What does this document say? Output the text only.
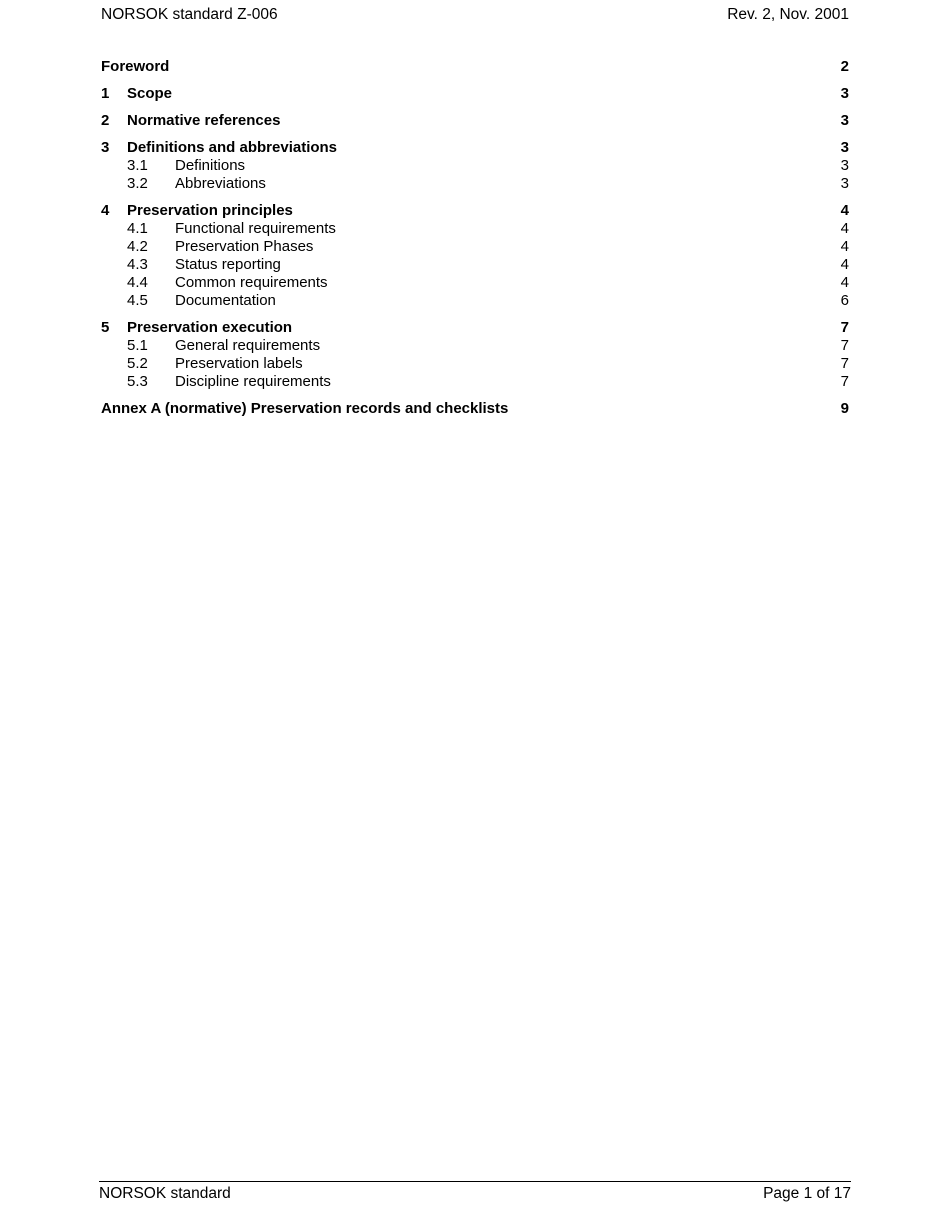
NORSOK standard Z-006	Rev. 2, Nov. 2001
Foreword	2
1	Scope	3
2	Normative references	3
3	Definitions and abbreviations	3
3.1	Definitions	3
3.2	Abbreviations	3
4	Preservation principles	4
4.1	Functional requirements	4
4.2	Preservation Phases	4
4.3	Status reporting	4
4.4	Common requirements	4
4.5	Documentation	6
5	Preservation execution	7
5.1	General requirements	7
5.2	Preservation labels	7
5.3	Discipline requirements	7
Annex A (normative) Preservation records and checklists	9
NORSOK standard	Page 1 of 17
